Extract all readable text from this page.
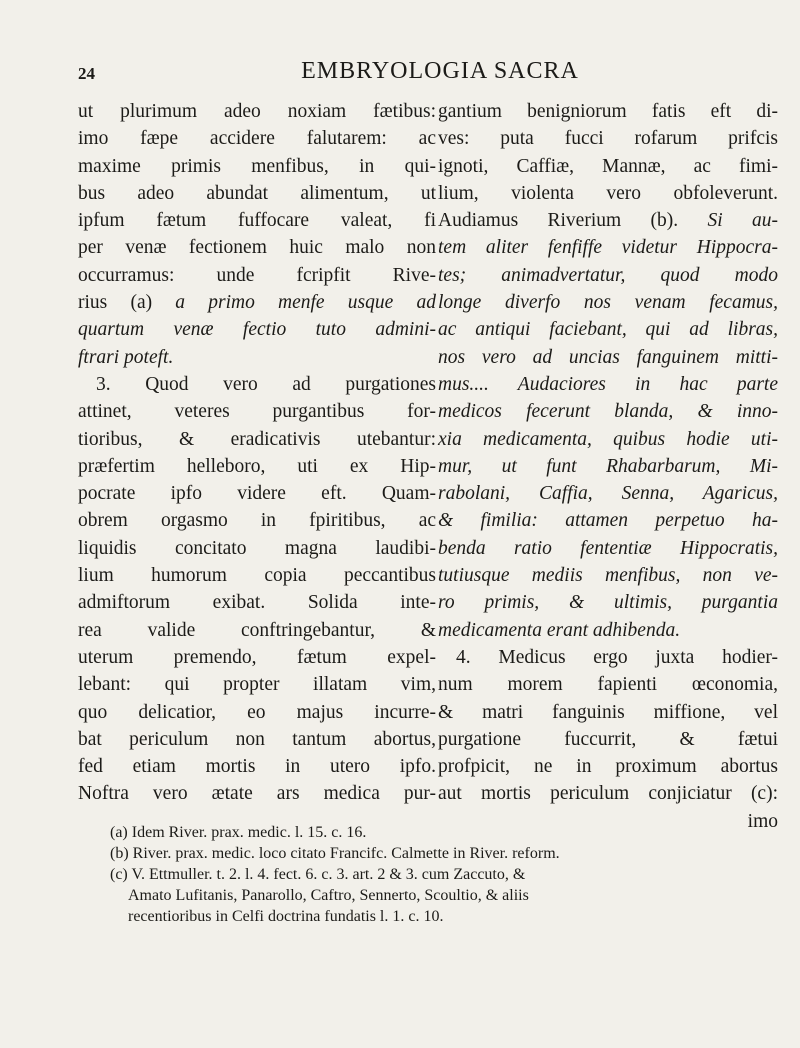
24	EMBRYOLOGIA SACRA
ut plurimum adeo noxiam fætibus:
imo fæpe accidere falutarem: ac
maxime primis menfibus, in qui-
bus adeo abundat alimentum, ut
ipfum fætum fuffocare valeat, fi
per venæ fectionem huic malo non
occurramus: unde fcripfit Rive-
rius (a) a primo menfe usque ad
quartum venæ fectio tuto admini-
ftrari poteft.
3. Quod vero ad purgationes
attinet, veteres purgantibus for-
tioribus, & eradicativis utebantur:
præfertim helleboro, uti ex Hip-
pocrate ipfo videre eft. Quam-
obrem orgasmo in fpiritibus, ac
liquidis concitato magna laudibi-
lium humorum copia peccantibus
admiftorum exibat. Solida inte-
rea valide conftringebantur, &
uterum premendo, fætum expel-
lebant: qui propter illatam vim,
quo delicatior, eo majus incurre-
bat periculum non tantum abortus,
fed etiam mortis in utero ipfo.
Noftra vero ætate ars medica pur-
gantium benigniorum fatis eft di-
ves: puta fucci rofarum prifcis
ignoti, Caffiæ, Mannæ, ac fimi-
lium, violenta vero obfoleverunt.
Audiamus Riverium (b). Si au-
tem aliter fenfiffe videtur Hippocra-
tes; animadvertatur, quod modo
longe diverfo nos venam fecamus,
ac antiqui faciebant, qui ad libras,
nos vero ad uncias fanguinem mitti-
mus.... Audaciores in hac parte
medicos fecerunt blanda, & inno-
xia medicamenta, quibus hodie uti-
mur, ut funt Rhabarbarum, Mi-
rabolani, Caffia, Senna, Agaricus,
& fimilia: attamen perpetuo ha-
benda ratio fententiæ Hippocratis,
tutiusque mediis menfibus, non ve-
ro primis, & ultimis, purgantia
medicamenta erant adhibenda.
4. Medicus ergo juxta hodier-
num morem fapienti œconomia,
& matri fanguinis miffione, vel
purgatione fuccurrit, & fætui
profpicit, ne in proximum abortus
aut mortis periculum conjiciatur (c):
imo
(a) Idem River. prax. medic. l. 15. c. 16.
(b) River. prax. medic. loco citato Francifc. Calmette in River. reform.
(c) V. Ettmuller. t. 2. l. 4. fect. 6. c. 3. art. 2 & 3. cum Zaccuto, &
Amato Lufitanis, Panarollo, Caftro, Sennerto, Scoultio, & aliis
recentioribus in Celfi doctrina fundatis l. 1. c. 10.
